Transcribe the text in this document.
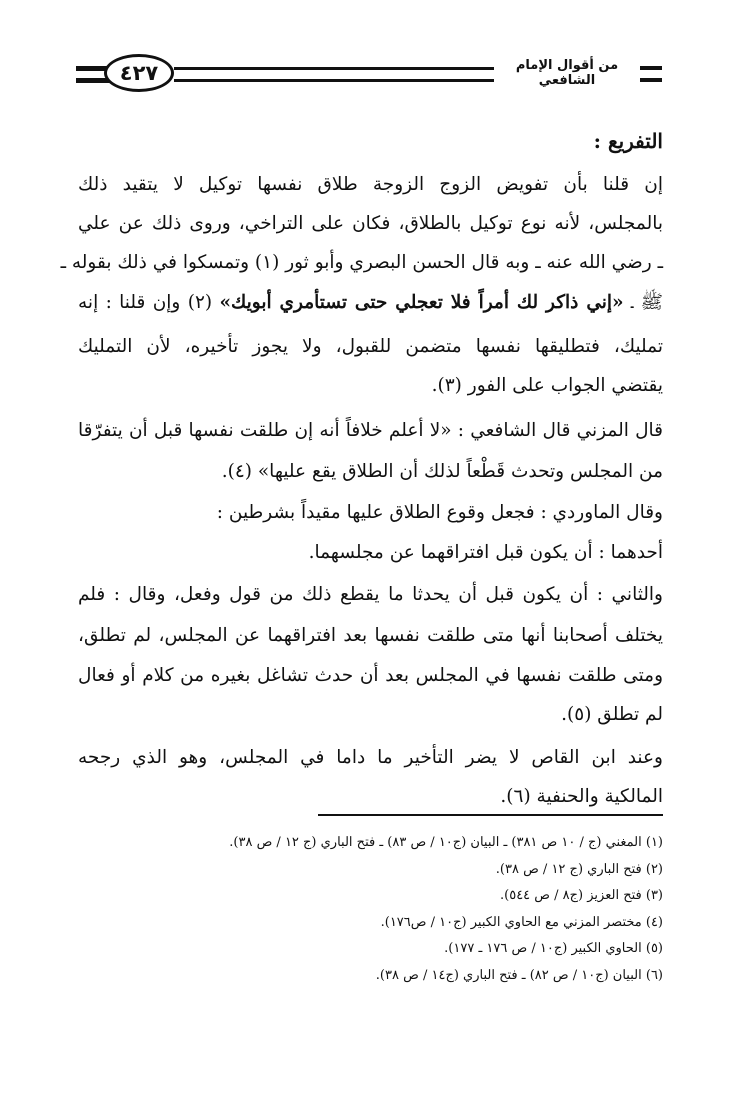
٤٢٧	من أقوال الإمام الشافعي
التفريع :
إن قلنا بأن تفويض الزوج الزوجة طلاق نفسها توكيل لا يتقيد ذلك
بالمجلس، لأنه نوع توكيل بالطلاق، فكان على التراخي، وروى ذلك عن علي
ـ رضي الله عنه ـ وبه قال الحسن البصري وأبو ثور (١) وتمسكوا في ذلك بقوله ـ
ﷺ ـ «إني ذاكر لك أمراً فلا تعجلي حتى تستأمري أبويك» (٢) وإن قلنا : إنه
تمليك، فتطليقها نفسها متضمن للقبول، ولا يجوز تأخيره، لأن التمليك
يقتضي الجواب على الفور (٣).
قال المزني قال الشافعي : «لا أعلم خلافاً أنه إن طلقت نفسها قبل أن يتفرّقا
من المجلس وتحدث قَطْعاً لذلك أن الطلاق يقع عليها» (٤).
وقال الماوردي : فجعل وقوع الطلاق عليها مقيداً بشرطين :
أحدهما : أن يكون قبل افتراقهما عن مجلسهما.
والثاني : أن يكون قبل أن يحدثا ما يقطع ذلك من قول وفعل، وقال : فلم
يختلف أصحابنا أنها متى طلقت نفسها بعد افتراقهما عن المجلس، لم تطلق،
ومتى طلقت نفسها في المجلس بعد أن حدث تشاغل بغيره من كلام أو فعال
لم تطلق (٥).
وعند ابن القاص لا يضر التأخير ما داما في المجلس، وهو الذي رجحه
المالكية والحنفية (٦).
(١) المغني (ج / ١٠ ص ٣٨١) ـ البيان (ج١٠ / ص ٨٣) ـ فتح الباري (ج ١٢ / ص ٣٨).
(٢) فتح الباري (ج ١٢ / ص ٣٨).
(٣) فتح العزيز (ج٨ / ص ٥٤٤).
(٤) مختصر المزني مع الحاوي الكبير (ج١٠ / ص١٧٦).
(٥) الحاوي الكبير (ج١٠ / ص ١٧٦ ـ ١٧٧).
(٦) البيان (ج١٠ / ص ٨٢) ـ فتح الباري (ج١٤ / ص ٣٨).
